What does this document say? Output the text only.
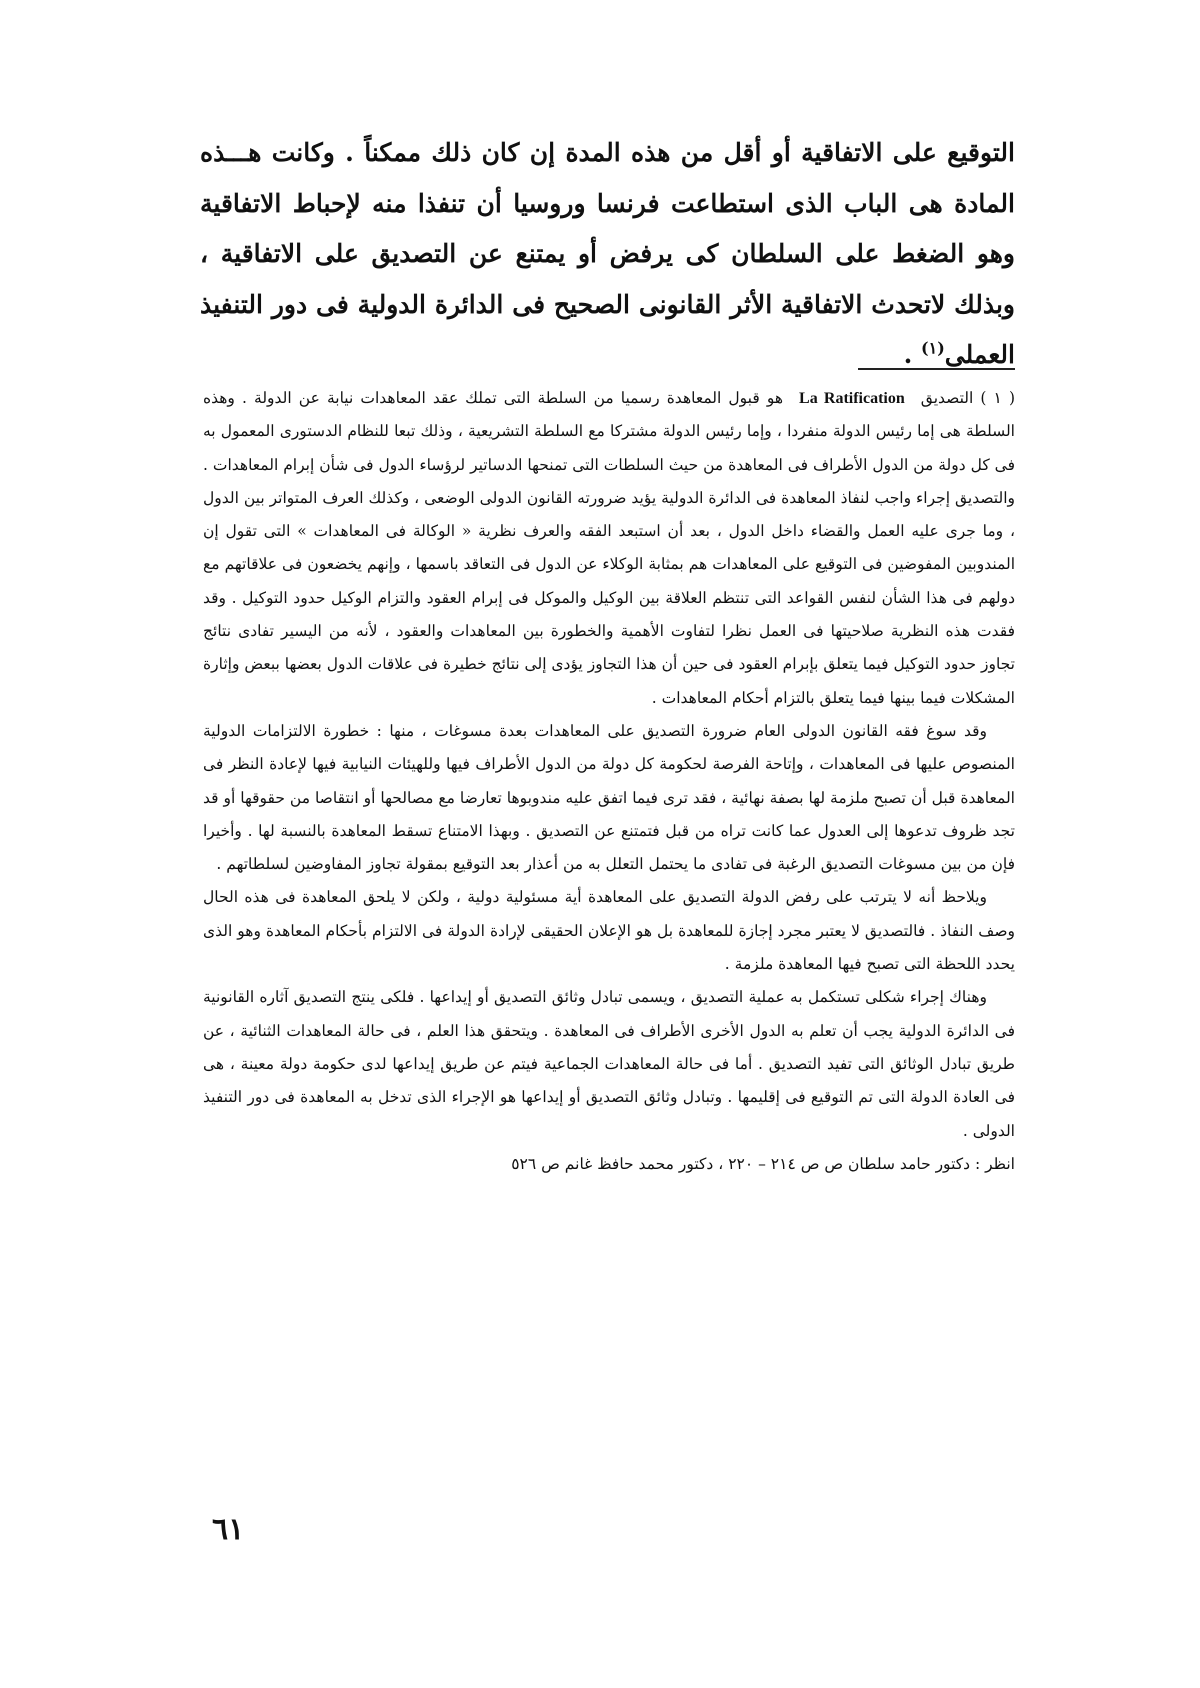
التوقيع على الاتفاقية أو أقل من هذه المدة إن كان ذلك ممكناً . وكانت هـــذه المادة هى الباب الذى استطاعت فرنسا وروسيا أن تنفذا منه لإحباط الاتفاقية وهو الضغط على السلطان كى يرفض أو يمتنع عن التصديق على الاتفاقية ، وبذلك لاتحدث الاتفاقية الأثر القانونى الصحيح فى الدائرة الدولية فى دور التنفيذ العملى$^{(١)}$ .

( ١ ) التصديقLa Ratificationهو قبول المعاهدة رسميا من السلطة التى تملك عقد المعاهدات نيابة عن الدولة . وهذه السلطة هى إما رئيس الدولة منفردا ، وإما رئيس الدولة مشتركا مع السلطة التشريعية ، وذلك تبعا للنظام الدستورى المعمول به فى كل دولة من الدول الأطراف فى المعاهدة من حيث السلطات التى تمنحها الدساتير لرؤساء الدول فى شأن إبرام المعاهدات . والتصديق إجراء واجب لنفاذ المعاهدة فى الدائرة الدولية يؤيد ضرورته القانون الدولى الوضعى ، وكذلك العرف المتواتر بين الدول ، وما جرى عليه العمل والقضاء داخل الدول ، بعد أن استبعد الفقه والعرف نظرية « الوكالة فى المعاهدات » التى تقول إن المندوبين المفوضين فى التوقيع على المعاهدات هم بمثابة الوكلاء عن الدول فى التعاقد باسمها ، وإنهم يخضعون فى علاقاتهم مع دولهم فى هذا الشأن لنفس القواعد التى تنتظم العلاقة بين الوكيل والموكل فى إبرام العقود والتزام الوكيل حدود التوكيل . وقد فقدت هذه النظرية صلاحيتها فى العمل نظرا لتفاوت الأهمية والخطورة بين المعاهدات والعقود ، لأنه من اليسير تفادى نتائج تجاوز حدود التوكيل فيما يتعلق بإبرام العقود فى حين أن هذا التجاوز يؤدى إلى نتائج خطيرة فى علاقات الدول بعضها ببعض وإثارة المشكلات فيما بينها فيما يتعلق بالتزام أحكام المعاهدات .

وقد سوغ فقه القانون الدولى العام ضرورة التصديق على المعاهدات بعدة مسوغات ، منها : خطورة الالتزامات الدولية المنصوص عليها فى المعاهدات ، وإتاحة الفرصة لحكومة كل دولة من الدول الأطراف فيها وللهيئات النيابية فيها لإعادة النظر فى المعاهدة قبل أن تصبح ملزمة لها بصفة نهائية ، فقد ترى فيما اتفق عليه مندوبوها تعارضا مع مصالحها أو انتقاصا من حقوقها أو قد تجد ظروف تدعوها إلى العدول عما كانت تراه من قبل فتمتنع عن التصديق . وبهذا الامتناع تسقط المعاهدة بالنسبة لها . وأخيرا فإن من بين مسوغات التصديق الرغبة فى تفادى ما يحتمل التعلل به من أعذار بعد التوقيع بمقولة تجاوز المفاوضين لسلطاتهم .

ويلاحظ أنه لا يترتب على رفض الدولة التصديق على المعاهدة أية مسئولية دولية ، ولكن لا يلحق المعاهدة فى هذه الحال وصف النفاذ . فالتصديق لا يعتبر مجرد إجازة للمعاهدة بل هو الإعلان الحقيقى لإرادة الدولة فى الالتزام بأحكام المعاهدة وهو الذى يحدد اللحظة التى تصبح فيها المعاهدة ملزمة .

وهناك إجراء شكلى تستكمل به عملية التصديق ، ويسمى تبادل وثائق التصديق أو إيداعها . فلكى ينتج التصديق آثاره القانونية فى الدائرة الدولية يجب أن تعلم به الدول الأخرى الأطراف فى المعاهدة . ويتحقق هذا العلم ، فى حالة المعاهدات الثنائية ، عن طريق تبادل الوثائق التى تفيد التصديق . أما فى حالة المعاهدات الجماعية فيتم عن طريق إيداعها لدى حكومة دولة معينة ، هى فى العادة الدولة التى تم التوقيع فى إقليمها . وتبادل وثائق التصديق أو إيداعها هو الإجراء الذى تدخل به المعاهدة فى دور التنفيذ الدولى .

انظر : دكتور حامد سلطان ص ص ٢١٤ – ٢٢٠ ، دكتور محمد حافظ غانم ص ٥٢٦

٦١
